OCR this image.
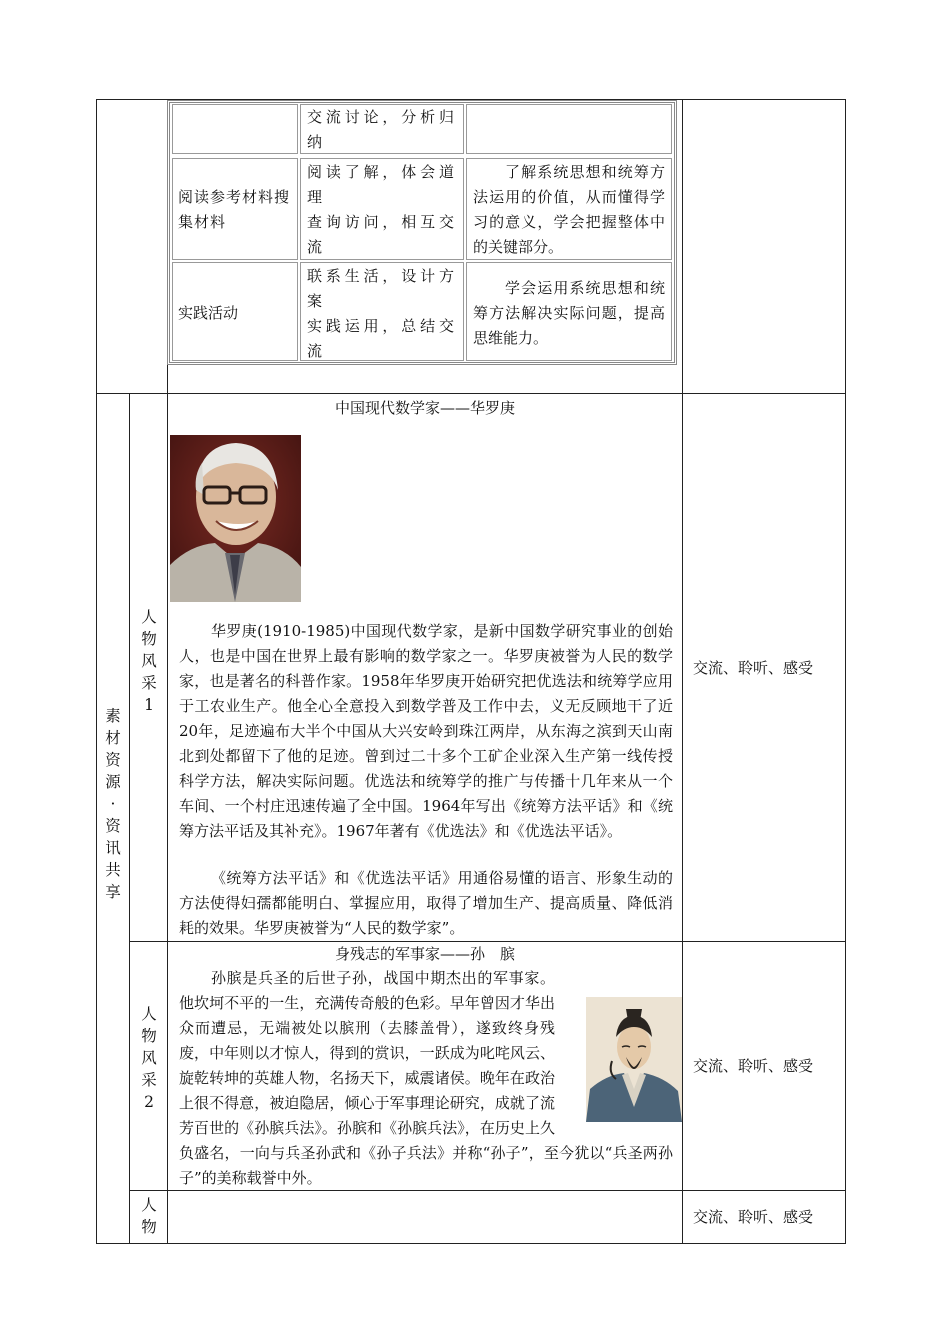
交流讨论，分析归纳
阅读参考材料搜集材料
阅读了解，体会道理
查询访问，相互交流
了解系统思想和统筹方法运用的价值，从而懂得学习的意义，学会把握整体中的关键部分。
实践活动
联系生活，设计方案
实践运用，总结交流
学会运用系统思想和统筹方法解决实际问题，提高思维能力。
素材资源·资讯共享
人物风采1
中国现代数学家——华罗庚
华罗庚(1910-1985)中国现代数学家，是新中国数学研究事业的创始人，也是中国在世界上最有影响的数学家之一。华罗庚被誉为人民的数学家，也是著名的科普作家。1958年华罗庚开始研究把优选法和统筹学应用于工农业生产。他全心全意投入到数学普及工作中去，义无反顾地干了近20年，足迹遍布大半个中国从大兴安岭到珠江两岸，从东海之滨到天山南北到处都留下了他的足迹。曾到过二十多个工矿企业深入生产第一线传授科学方法，解决实际问题。优选法和统筹学的推广与传播十几年来从一个车间、一个村庄迅速传遍了全中国。1964年写出《统筹方法平话》和《统筹方法平话及其补充》。1967年著有《优选法》和《优选法平话》。
《统筹方法平话》和《优选法平话》用通俗易懂的语言、形象生动的方法使得妇孺都能明白、掌握应用，取得了增加生产、提高质量、降低消耗的效果。华罗庚被誉为“人民的数学家”。
交流、聆听、感受
人物风采2
身残志的军事家——孙　膑
孙膑是兵圣的后世子孙，战国中期杰出的军事家。他坎坷不平的一生，充满传奇般的色彩。早年曾因才华出众而遭忌，无端被处以膑刑（去膝盖骨），遂致终身残废，中年则以才惊人，得到的赏识，一跃成为叱咤风云、旋乾转坤的英雄人物，名扬天下，威震诸侯。晚年在政治上很不得意，被迫隐居，倾心于军事理论研究，成就了流芳百世的《孙膑兵法》。孙膑和《孙膑兵法》，在历史上久负盛名，一向与兵圣孙武和《孙子兵法》并称“孙子”，至今犹以“兵圣两孙子”的美称载誉中外。
交流、聆听、感受
人物
交流、聆听、感受
